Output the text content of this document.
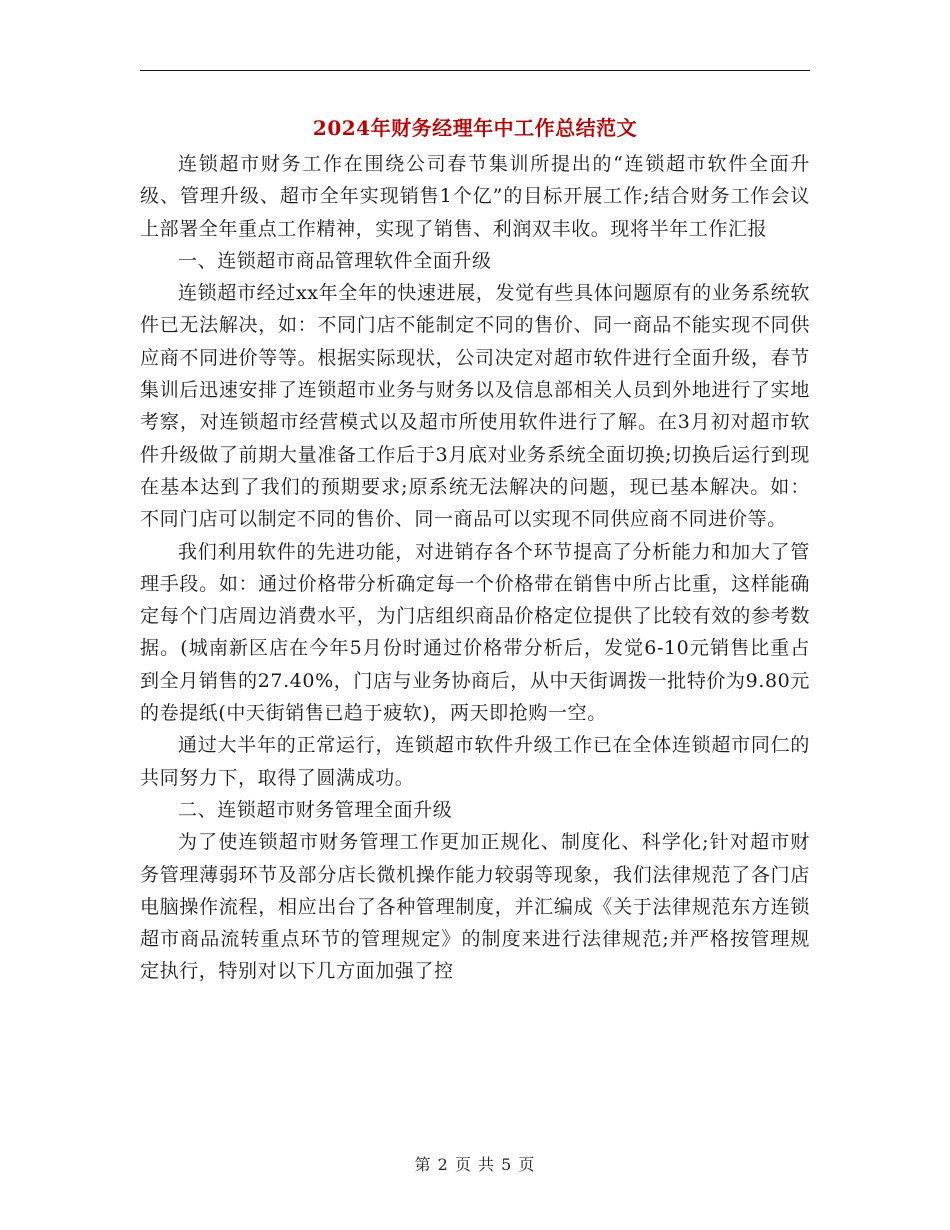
2024年财务经理年中工作总结范文

连锁超市财务工作在围绕公司春节集训所提出的“连锁超市软件全面升级、管理升级、超市全年实现销售1个亿”的目标开展工作;结合财务工作会议上部署全年重点工作精神，实现了销售、利润双丰收。现将半年工作汇报

一、连锁超市商品管理软件全面升级

连锁超市经过xx年全年的快速进展，发觉有些具体问题原有的业务系统软件已无法解决，如：不同门店不能制定不同的售价、同一商品不能实现不同供应商不同进价等等。根据实际现状，公司决定对超市软件进行全面升级，春节集训后迅速安排了连锁超市业务与财务以及信息部相关人员到外地进行了实地考察，对连锁超市经营模式以及超市所使用软件进行了解。在3月初对超市软件升级做了前期大量准备工作后于3月底对业务系统全面切换;切换后运行到现在基本达到了我们的预期要求;原系统无法解决的问题，现已基本解决。如：不同门店可以制定不同的售价、同一商品可以实现不同供应商不同进价等。

我们利用软件的先进功能，对进销存各个环节提高了分析能力和加大了管理手段。如：通过价格带分析确定每一个价格带在销售中所占比重，这样能确定每个门店周边消费水平，为门店组织商品价格定位提供了比较有效的参考数据。(城南新区店在今年5月份时通过价格带分析后，发觉6-10元销售比重占到全月销售的27.40%，门店与业务协商后，从中天街调拨一批特价为9.80元的卷提纸(中天街销售已趋于疲软)，两天即抢购一空。

通过大半年的正常运行，连锁超市软件升级工作已在全体连锁超市同仁的共同努力下，取得了圆满成功。

二、连锁超市财务管理全面升级

为了使连锁超市财务管理工作更加正规化、制度化、科学化;针对超市财务管理薄弱环节及部分店长微机操作能力较弱等现象，我们法律规范了各门店电脑操作流程，相应出台了各种管理制度，并汇编成《关于法律规范东方连锁超市商品流转重点环节的管理规定》的制度来进行法律规范;并严格按管理规定执行，特别对以下几方面加强了控

第 2 页 共 5 页
